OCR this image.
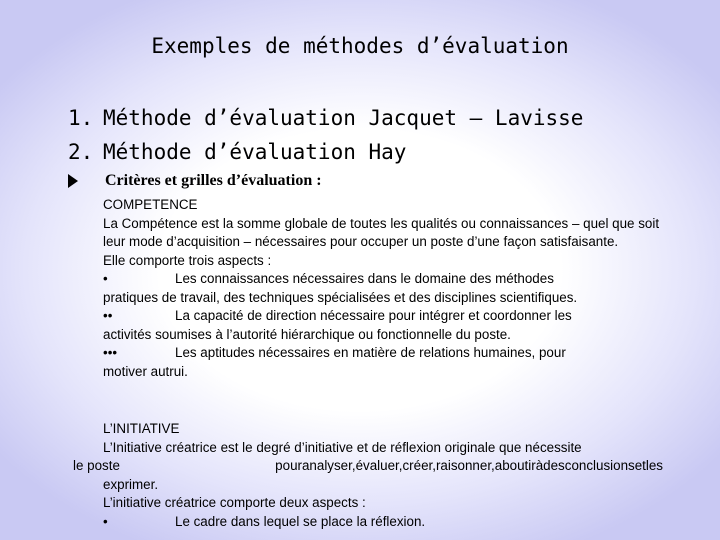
Exemples de méthodes d’évaluation
1. Méthode d’évaluation Jacquet – Lavisse
2. Méthode d’évaluation Hay
Critères et grilles d’évaluation :

COMPETENCE

La Compétence est la somme globale de toutes les qualités ou connaissances – quel que soit leur mode d’acquisition – nécessaires pour occuper un poste d’une façon satisfaisante.

Elle comporte trois aspects :

•	Les connaissances nécessaires dans le domaine des méthodes

pratiques de travail, des techniques spécialisées et des disciplines scientifiques.

••	La capacité de direction nécessaire pour intégrer et coordonner les

activités soumises à l’autorité hiérarchique ou fonctionnelle du poste.

•••	Les aptitudes nécessaires en matière de relations humaines, pour

motiver autrui.

L’INITIATIVE

L’Initiative créatrice est le degré d’initiative et de réflexion originale que nécessite

le poste	pouranalyser,évaluer,créer,raisonner,aboutiràdesconclusionsetles

exprimer.

L’initiative créatrice comporte deux aspects :

•	Le cadre dans lequel se place la réflexion.
